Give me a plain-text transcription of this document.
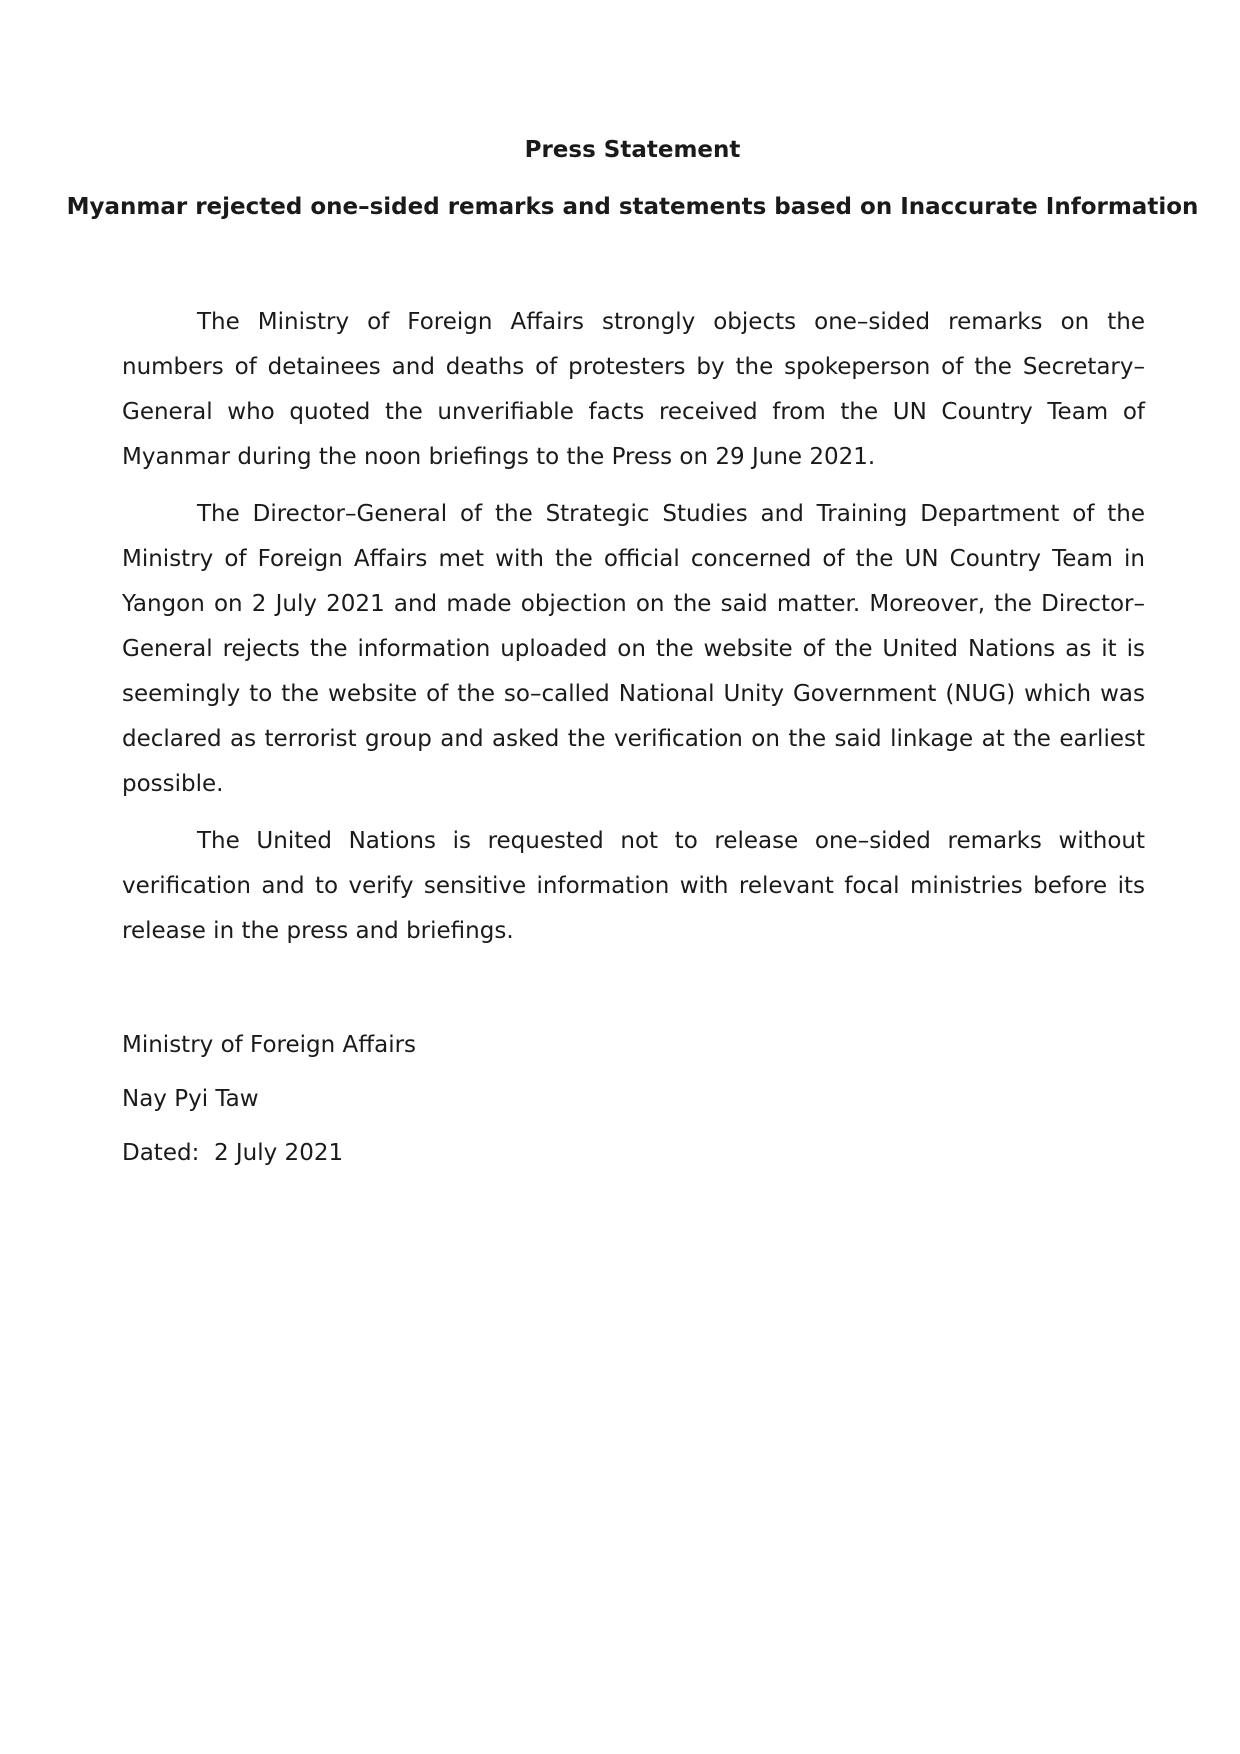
Press Statement
Myanmar rejected one–sided remarks and statements based on Inaccurate Information

The Ministry of Foreign Affairs strongly objects one–sided remarks on the numbers of detainees and deaths of protesters by the spokeperson of the Secretary–General who quoted the unverifiable facts received from the UN Country Team of Myanmar during the noon briefings to the Press on 29 June 2021.

The Director–General of the Strategic Studies and Training Department of the Ministry of Foreign Affairs met with the official concerned of the UN Country Team in Yangon on 2 July 2021 and made objection on the said matter. Moreover, the Director–General rejects the information uploaded on the website of the United Nations as it is seemingly to the website of the so–called National Unity Government (NUG) which was declared as terrorist group and asked the verification on the said linkage at the earliest possible.

The United Nations is requested not to release one–sided remarks without verification and to verify sensitive information with relevant focal ministries before its release in the press and briefings.

Ministry of Foreign Affairs

Nay Pyi Taw

Dated:  2 July 2021
